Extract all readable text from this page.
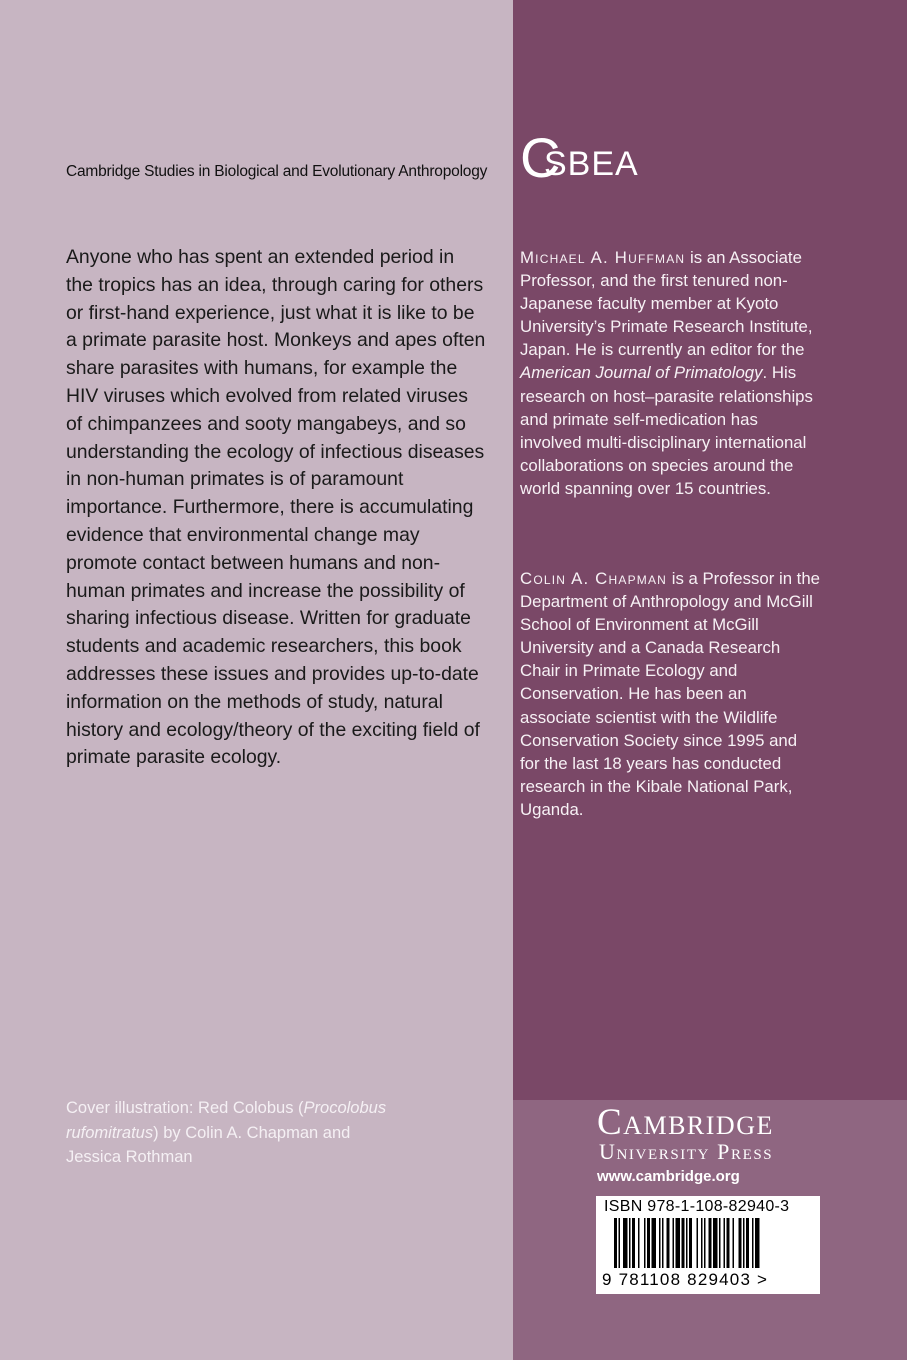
Cambridge Studies in Biological and Evolutionary Anthropology C
SBEA

Anyone who has spent an extended period in the tropics has an idea, through caring for others or first-hand experience, just what it is like to be a primate parasite host. Monkeys and apes often share parasites with humans, for example the HIV viruses which evolved from related viruses of chimpanzees and sooty mangabeys, and so understanding the ecology of infectious diseases in non-human primates is of paramount importance. Furthermore, there is accumulating evidence that environmental change may promote contact between humans and non-human primates and increase the possibility of sharing infectious disease. Written for graduate students and academic researchers, this book addresses these issues and provides up-to-date information on the methods of study, natural history and ecology/theory of the exciting field of primate parasite ecology.

Cover illustration: Red Colobus (Procolobus rufomitratus) by Colin A. Chapman and Jessica Rothman

Michael A. Huffman is an Associate Professor, and the first tenured non-Japanese faculty member at Kyoto University’s Primate Research Institute, Japan. He is currently an editor for the American Journal of Primatology. His research on host–parasite relationships and primate self-medication has involved multi-disciplinary international collaborations on species around the world spanning over 15 countries.

Colin A. Chapman is a Professor in the Department of Anthropology and McGill School of Environment at McGill University and a Canada Research Chair in Primate Ecology and Conservation. He has been an associate scientist with the Wildlife Conservation Society since 1995 and for the last 18 years has conducted research in the Kibale National Park, Uganda.

Cambridge
University Press
www.cambridge.org
ISBN 978-1-108-82940-3
9 781108 829403 >
